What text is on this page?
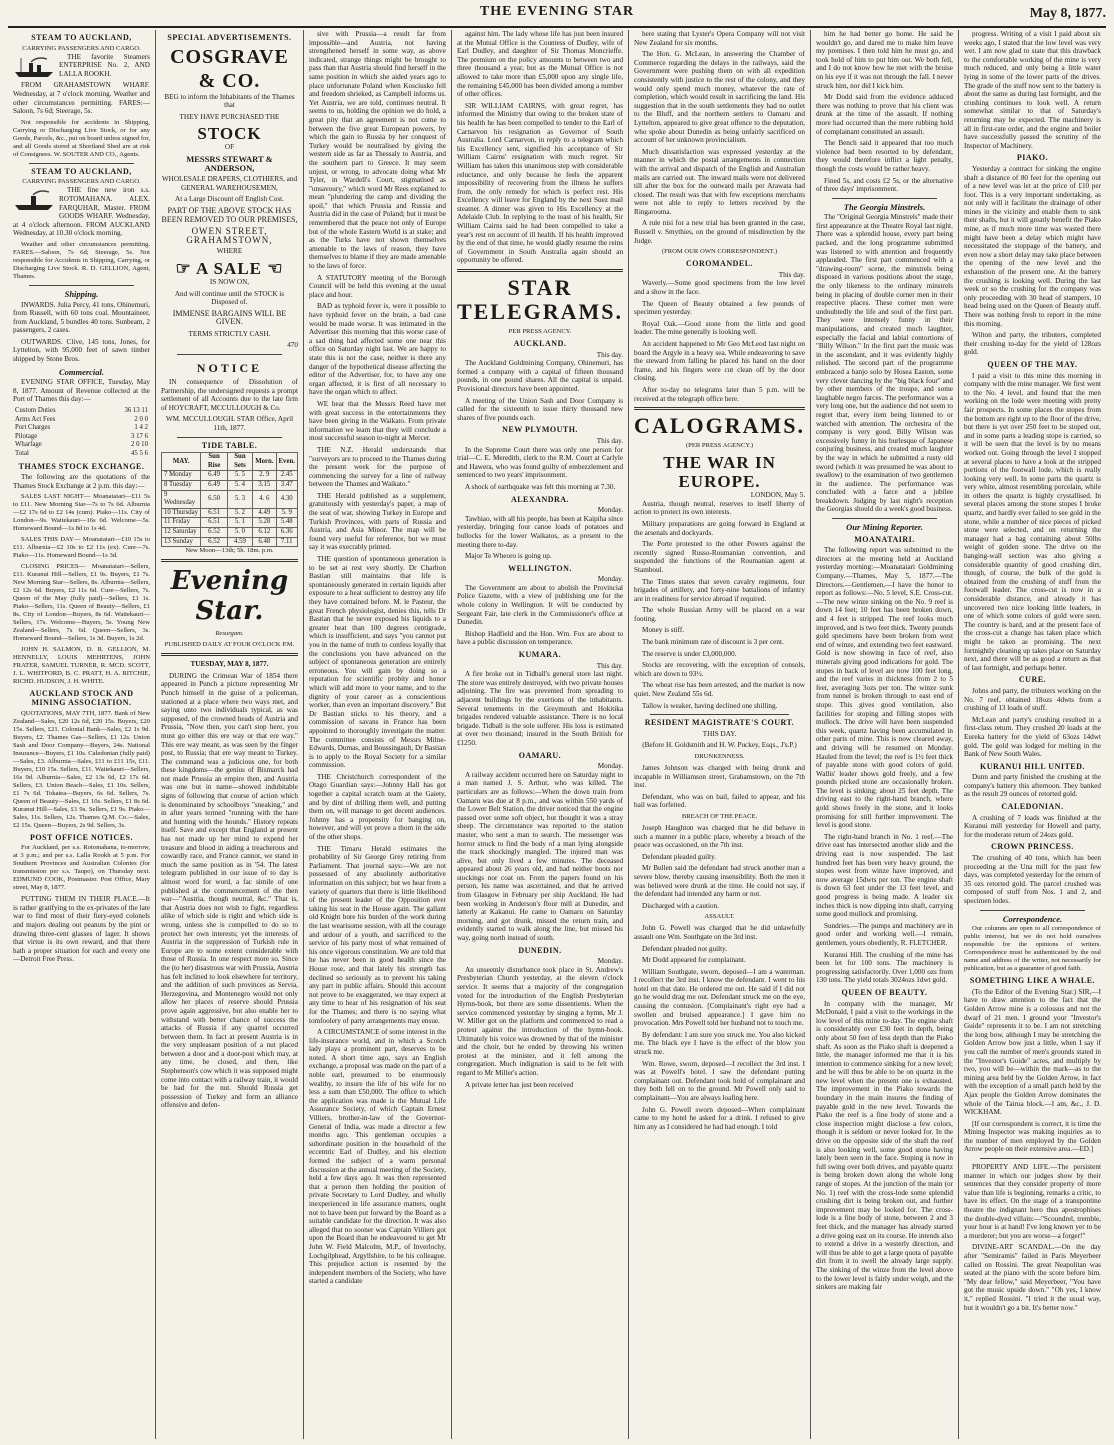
THE EVENING STAR	May 8, 1877.
STEAM TO AUCKLAND,
CARRYING PASSENGERS AND CARGO.

THE favorite Steamers ENTERPRISE No. 2, AND LALLA ROOKH.

FROM GRAHAMSTOWN WHARF. Wednesday, at 7 o'clock morning. Weather and other circumstances permitting. FARES:—Saloon, 7s 6d; Steerage, 5s.

Not responsible for accidents in Shipping, Carrying or Discharging Live Stock, or for any Goods, Parcels, &c., put on board unless signed for, and all Goods stored at Shortland Shed are at risk of Consignees. W. SOUTER AND CO., Agents.

STEAM TO AUCKLAND,
CARRYING PASSENGERS AND CARGO.

THE fine new iron s.s. ROTOMAHANA. ALEX. FARQUHAR, Master. FROM GOODS WHARF. Wednesday, at 4 o'clock afternoon. FROM AUCKLAND Wednesday, at 10.30 o'clock morning.

Weather and other circumstances permitting. FARES.—Saloon, 7s 6d; Steerage, 5s. Not responsible for Accidents in Shipping, Carrying, or Discharging Live Stock. R. D. GELLION, Agent, Thames.

Shipping.

INWARDS. Julia Percy, 41 tons, Ohinemuri, from Russell, with 60 tons coal. Mountaineer, from Auckland, 5 bundles 40 tons. Sunbeam, 2 passengers, 2 cases.

OUTWARDS. Clive, 145 tons, Jones, for Lyttelton, with 95,000 feet of sawn timber shipped by Stone Bros.

Commercial.

EVENING STAR OFFICE, Tuesday, May 8, 1877. Amount of Revenue collected at the Port of Thames this day:—

Custom Duties	36 13 11
Arms Act Fees	2 0 0
Port Charges	1 4 2
Pilotage	3 17 6
Wharfage	2 0 10
Total	45 5 6
THAMES STOCK EXCHANGE.

The following are the quotations of the Thames Stock Exchange at 2 p.m. this day:—

SALES LAST NIGHT— Moanataiari—£11 5s to £11. New Morning Star—7s to 7s 6d. Alburnia—£2 17s 6d to £2 14s (cum). Piako—11s. City of London—9s. Waitekauri—16s 6d. Welcome—5s. Homeward Bound—1s 8d to 1s 4d.

SALES THIS DAY— Moanataiari—£10 15s to £11. Alburnia—£2 10s to £2 11s (ex). Cure—7s. Piako—11s. Homeward Bound—1s 3d.

CLOSING PRICES— Moanataiari—Sellers, £11. Kuranui Hill—Sellers, £1 9s. Buyers, £1 7s. New Morning Star—Sellers, 8s. Alburnia—Sellers, £2 12s 6d. Buyers, £2 11s 6d. Cure—Sellers, 7s. Queen of the May (fully paid)—Sellers, £1 1s. Piako—Sellers, 11s. Queen of Beauty—Sellers, £1 8s. City of London—Buyers, 8s 6d. Waitekauri—Sellers, 17s. Welcome—Buyers, 5s. Young New Zealand—Sellers, 7s 6d. Queen—Sellers, 3s. Homeward Bound—Sellers, 1s 3d. Buyers, 1s 2d.

JOHN H. SALMON, D. R. GELLION, M. HENNELLY, LOUIS MEHRTENS, JOHN FRATER, SAMUEL TURNER, R. MCD. SCOTT, J. L. WHITFORD, B. C. PRATT, H. A. RITCHIE, RICHD. HUDSON, J. H. WHITE.

AUCKLAND STOCK AND MINING ASSOCIATION.

QUOTATIONS, MAY 7TH, 1877. Bank of New Zealand—Sales, £20 12s 6d, £20 15s. Buyers, £20 15s. Sellers, £21. Colonial Bank—Sales, £2 1s 9d. Buyers, £2. Thames Gas—Sellers, £1 12s. Union Sash and Door Company—Buyers, 24s. National Insurance—Buyers, £1 10s. Caledonian (fully paid)—Sales, £3. Alburnia—Sales, £11 to £11 15s, £11. Buyers, £10 15s. Sellers, £11. Waitekauri—Sellers, 16s 9d. Alburnia—Sales, £2 13s 6d, £2 17s 6d. Sellers, £3. Union Beach—Sales, £1 10s. Sellers, £1 7s 6d. Tokatea—Buyers, 6s 6d. Sellers, 7s. Queen of Beauty—Sales, £1 10s. Sellers, £1 8s 6d. Kuranui Hill—Sales, £1 9s. Sellers, £1 9s. Piako—Sales, 11s. Sellers, 12s. Thames Q.M. Co.—Sales, £2 15s. Queen—Buyers, 2s 9d. Sellers, 3s.

POST OFFICE NOTICES.

For Auckland, per s.s. Rotomahana, to-morrow, at 3 p.m.; and per s.s. Lalla Rookh at 5 p.m. For Southern Provinces and Australian Colonies (for transmission per s.s. Taupo), on Thursday next. EDMUND COOK, Postmaster. Post Office, Mary street, May 8, 1877.

PUTTING THEM IN THEIR PLACE.—It is rather gratifying to the ex-privates of the late war to find most of their fiery-eyed colonels and majors dealing out peanuts by the pint or drawing three-cent glasses of lager. It shows that virtue is its own reward, and that there hath a proper situation for each and every one—Detroit Free Press.

SPECIAL ADVERTISEMENTS.
COSGRAVE & CO.

BEG to inform the Inhabitants of the Thames that

THEY HAVE PURCHASED THE

STOCK

OF

MESSRS STEWART & ANDERSON,

WHOLESALE DRAPERS, CLOTHIERS, and GENERAL WAREHOUSEMEN,

At a Large Discount off English Cost.

PART OF THE ABOVE STOCK HAS BEEN REMOVED TO OUR PREMISES,

OWEN STREET, GRAHAMSTOWN,

WHERE

☞ A SALE ☜

IS NOW ON,

And will continue until the STOCK is Disposed of.

IMMENSE BARGAINS WILL BE GIVEN.

TERMS STRICTLY CASH.

470
NOTICE

IN consequence of Dissolution of Partnership, the undersigned requests a prompt settlement of all Accounts due to the late firm of HOYCRAFT, MCCULLOUGH & Co.

WM. MCCULLOUGH. STAR Office, April 11th, 1877.

TIDE TABLE.
MAY.	Sun Rise	Sun Sets	Morn.	Even.
7 Monday	6.49	5. 5	2. 9	2.45
8 Tuesday	6.49	5. 4	3.15	3.47
9 Wednesday	6.50	5. 3	4. 6	4.30
10 Thursday	6.51	5. 2	4.49	5. 9
11 Friday	6.51	5. 1	5.28	5.48
12 Saturday	6.52	5. 0	6.12	6.36
13 Sunday	6.52	4.59	6.48	7.11

New Moon—13th; 5h. 18m. p.m.

Evening Star.

Resurgam.

PUBLISHED DAILY AT FOUR O'CLOCK P.M.

TUESDAY, MAY 8, 1877.

DURING the Crimean War of 1854 there appeared in Punch a picture representing Mr Punch himself in the guise of a policeman, stationed at a place where two ways met, and saying unto two individuals typical, as was supposed, of the crowned heads of Austria and Prussia, "Now then, you can't stop here, you must go either this ere way or that ere way." This ere way meant, as was seen by the finger post, to Russia; that ere way meant to Turkey. The command was a judicious one, for both these kingdoms—the genius of Bismarck had not made Prussia an empire then, and Austria was one but in name—showed indubitable signs of following that course of action which is denominated by schoolboys "sneaking," and in after years termed "running with the hare and hunting with the hounds." History repeats itself. Save and except that England at present has not made up her mind to expend her treasure and blood in aiding a treacherous and cowardly race, and France cannot, we stand in much the same position as in '54. The latest telegram published in our issue of to day is almost word for word, a fac simile of one published at the commencement of the then war—"Austria, though neutral, &c." That is, that Austria does not wish to fight, regardless alike of which side is right and which side is wrong, unless she is compelled to do so to protect her own interests; yet the interests of Austria in the suppression of Turkish rule in Europe are to some extent considerable with those of Russia. In one respect more so. Since the (to her) disastrous war with Prussia, Austria has felt inclined to look elsewhere for territory, and the addition of such provinces as Servia, Herzegovina, and Montenegro would not only allow her places of reserve should Prussia prove again aggressive, but also enable her to withstand with better chance of success the attacks of Russia if any quarrel occurred between them. In fact at present Austria is in the very unpleasant position of a nut placed between a door and a door-post which may, at any time, be closed, and then, like Stephenson's cow which it was supposed might come into contact with a railway train, it would be bad for the nut. Should Russia get possession of Turkey and form an alliance offensive and defen-

sive with Prussia—a result far from impossible—and Austria, not having strengthened herself in some way, as above indicated, strange things might be brought to pass than that Austria should find herself in the same position in which she aided years ago to place unfortunate Poland when Kosciusko fell and freedom shrieked, as Campbell informs us. Yet Austria, we are told, continues neutral. It seems to us, holding the opinion we do hold, a great pity that an agreement is not come to between the five great European powers, by which the gain to Russia by her conquest of Turkey would be neutralised by giving the western side as far as Thessaly to Austria, and the southern part to Greece. It may seem unjust, or wrong, to advocate doing what Mr Tyler, in Wardell's Court, stigmatised as "unsavoury," which word Mr Rees explained to mean "plundering the camp and dividing the spoil," that which Prussia and Russia and Austria did in the case of Poland; but it must be remembered that the peace not only of Europe but of the whole Eastern World is at stake; and as the Turks have not shown themselves amenable to the laws of reason, they have themselves to blame if they are made amenable to the laws of force.

A STATUTORY meeting of the Borough Council will be held this evening at the usual place and hour.

BAD as typhoid fever is, were it possible to have typhoid fever on the brain, a bad case would be made worse. It was intimated in the Advertiser this morning that this worse case of a sad thing had affected some one near this office on Saturday night last. We are happy to state this is not the case, neither is there any danger of the hypothetical disease affecting the editor of the Advertiser, for, to have any one organ affected, it is first of all necessary to have the organ which to affect.

WE hear that the Messrs Reed have met with great success in the entertainments they have been giving in the Waikato. From private information we learn that they will conclude a most successful season to-night at Mercer.

THE N.Z. Herald understands that "surveyors are to proceed to the Thames during the present week for the purpose of commencing the survey for a line of railway between the Thames and Waikato."

THE Herald published as a supplement, gratuitously with yesterday's paper, a map of the seat of war, showing Turkey in Europe and Turkish Provinces, with parts of Russia and Austria, and Asia Minor. The map will be found very useful for reference, but we must say it was execrably printed.

THE question of spontaneous generation is to be set at rest very shortly. Dr Charlton Bastian still maintains that life is spontaneously generated in certain liquids after exposure to a heat sufficient to destroy any life they have contained before. M. le Pasteur, the great French physiologist, denies this, tells Dr Bastian that he never exposed his liquids to a greater heat than 100 degrees centigrade, which is insufficient, and says "you cannot put you in the name of truth to confess loyally that the conclusions you have advanced on the subject of spontaneous generation are entirely erroneous. You will gain by doing so a reputation for scientific probity and honor which will add more to your name, and to the dignity of your career as a conscientious worker, than even an important discovery." But Dr Bastian sticks to his theory, and a commission of savans in France has been appointed to thoroughly investigate the matter. The committee consists of Messrs Milne-Edwards, Dumas, and Boussingault, Dr Bastian is to apply to the Royal Society for a similar commission.

THE Christchurch correspondent of the Otago Guardian says:—Johnny Hall has got together a capital scratch team at the Gaiety, and by dint of drilling them well, and putting them on, will manage to get decent audiences. Johnny has a propensity for banging on, however, and will yet prove a thorn in the side of the other shops.

THE Timaru Herald estimates the probability of Sir George Grey retiring from Parliament. That journal says:—We are not possessed of any absolutely authoritative information on this subject; but we hear from a variety of quarters that there is little likelihood of the present leader of the Opposition ever taking his seat in the House again. The gallant old Knight bore his burden of the work during the last wearisome session, with all the courage and ardour of a youth, and sacrificed to the service of his party most of what remained of his once vigorous constitution. We are told that he has never been in good health since the House rose, and that lately his strength has declined so seriously as to prevent his taking any part in public affairs. Should this account not prove to be exaggerated, we may expect at any time to hear of his resignation of his seat for the Thames; and there is no saying what tomfoolery of party arrangements may ensue.

A CIRCUMSTANCE of some interest in the life-insurance world, and in which a Scotch lady plays a prominent part, deserves to be noted. A short time ago, says an English exchange, a proposal was made on the part of a noble earl, presumed to be enormously wealthy, to insure the life of his wife for no less a sum than £50,000. The office to which the application was made is the Mutual Life Assurance Society, of which Captain Ernest Villiers, brother-in-law of the Governor-General of India, was made a director a few months ago. This gentleman occupies a subordinate position in the household of the eccentric Earl of Dudley, and his election formed the subject of a warm personal discussion at the annual meeting of the Society, held a few days ago. It was then represented that a person then holding the position of private Secretary to Lord Dudley, and wholly inexperienced in life assurance matters, ought not to have been put forward by the Board as a suitable candidate for the direction. It was also alleged that no sooner was Captain Villiers got upon the Board than he endeavoured to get Mr John W. Field Malcolm, M.P., of Inverlochy, Lochgilphead, Argyllshire, to be his colleague. This prejudice action is resented by the independent members of the Society, who have started a candidate

against him. The lady whose life has just been insured at the Mutual Office is the Countess of Dudley, wife of Earl Dudley, and daughter of Sir Thomas Moncrieffe. The premium on the policy amounts to between two and three thousand a year, but as the Mutual Office is not allowed to take more than £5,000 upon any single life, the remaining £45,000 has been divided among a number of other offices.

SIR WILLIAM CAIRNS, with great regret, has informed the Ministry that owing to the broken state of his health he has been compelled to tender to the Earl of Carnarvon his resignation as Governor of South Australia. Lord Carnarvon, in reply to a telegram which his Excellency sent, signified his acceptance of Sir William Cairns' resignation with much regret. Sir William has taken this unanimous step with considerable reluctance, and only because he feels the apparent impossibility of recovering from the illness he suffers from, the only remedy for which is perfect rest. His Excellency will leave for England by the next Suez mail steamer. A dinner was given to His Excellency at the Adelaide Club. In replying to the toast of his health, Sir William Cairns said he had been compelled to take a year's rest on account of ill health. If his health improved by the end of that time, he would gladly resume the reins of Government in South Australia again should an opportunity be offered.

STAR TELEGRAMS.

PER PRESS AGENCY.

AUCKLAND.
This day.

The Auckland Goldmining Company, Ohinemuri, has formed a company with a capital of fifteen thousand pounds, in one pound shares. All the capital is unpaid. Provisional directors have been appointed.

A meeting of the Union Sash and Door Company is called for the sixteenth to issue thirty thousand new shares of five pounds each.

NEW PLYMOUTH.
This day.

In the Supreme Court there was only one person for trial—C. E. Meredith, clerk to the R.M. Court at Carlyle and Hawera, who was found guilty of embezzlement and sentenced to two years' imprisonment.

A shock of earthquake was felt this morning at 7.30.

ALEXANDRA.
Monday.

Tawhiao, with all his people, has been at Kaipiha since yesterday, bringing four canoe loads of potatoes and bullocks for the lower Waikatos, as a present to the meeting there to-day.

Major Te Wheoro is going up.

WELLINGTON.
Monday.

The Government are about to abolish the Provincial Police Gazette, with a view of publishing one for the whole colony in Wellington. It will be conducted by Sergeant Fair, late clerk in the Commissioner's office at Dunedin.

Bishop Hadfield and the Hon. Wm. Fox are about to have a public discussion on temperance.

KUMARA.
This day.

A fire broke out in Tidball's general store last night. The store was entirely destroyed, with two private houses adjoining. The fire was prevented from spreading to adjacent buildings by the exertions of the inhabitants. Several tenements in the Greymouth and Hokitika brigades rendered valuable assistance. There is no local brigade. Tidball is the sole sufferer. His loss is estimated at over two thousand; insured in the South British for £1250.

OAMARU.
Monday.

A railway accident occurred here on Saturday night to a man named J. S. Arthur, who was killed. The particulars are as follows:—When the down train from Oamaru was due at 8 p.m., and was within 550 yards of the Lower Belt Station, the driver noticed that the engine passed over some soft object, but thought it was a stray sheep. The circumstance was reported to the station master, who sent a man to search. The messenger was horror struck to find the body of a man lying alongside the track shockingly mangled. The injured man was alive, but only lived a few minutes. The deceased appeared about 26 years old, and had neither boots nor stockings nor coat on. From the papers found on his person, his name was ascertained, and that he arrived from Glasgow in February per ship Auckland. He had been working in Anderson's flour mill at Dunedin, and latterly at Kakanui. He came to Oamaru on Saturday morning, and got drunk, missed the return train, and evidently started to walk along the line, but missed his way, going north instead of south.

DUNEDIN.
Monday.

An unseemly disturbance took place in St. Andrew's Presbyterian Church yesterday, at the eleven o'clock service. It seems that a majority of the congregation voted for the introduction of the English Presbyterian Hymn-book, but there are some dissentients. When the service commenced yesterday by singing a hymn, Mr J. W. Miller got on the platform and commenced to read a protest against the introduction of the hymn-book. Ultimately his voice was drowned by that of the minister and the choir, but he ended by throwing his written protest at the minister, and it fell among the congregation. Much indignation is said to be felt with regard to Mr Miller's action.

A private letter has just been received

here stating that Lyster's Opera Company will not visit New Zealand for six months.

The Hon. G. McLean, in answering the Chamber of Commerce regarding the delays in the railways, said the Government were pushing them on with all expedition consistently with justice to the rest of the colony, and they would only spend much money, whatever the rate of completion, which would result in sacrificing the land. His suggestion that in the south settlements they had no outlet to the Bluff, and the northern settlers to Oamaru and Lyttelton, appeared to give great offence to the deputation, who spoke about Dunedin as being unfairly sacrificed on account of her unknown provincialism.

Much dissatisfaction was expressed yesterday at the manner in which the postal arrangements in connection with the arrival and dispatch of the English and Australian mails are carried out. The inward mails were not delivered till after the box for the outward mails per Arawata had closed. The result was that with few exceptions merchants were not able to reply to letters received by the Ringarooma.

A rule nisi for a new trial has been granted in the case, Russell v. Smythies, on the ground of misdirection by the Judge.

(FROM OUR OWN CORRESPONDENT.)

COROMANDEL.
This day.

Waverly.—Some good specimens from the low level and a show in the face.

The Queen of Beauty obtained a few pounds of specimen yesterday.

Royal Oak.—Good stone from the little and good leader. The mine generally is looking well.

An accident happened to Mr Geo McLeod last night on board the Argyle in a heavy sea. While endeavoring to save the steward from falling he placed his hand on the door frame, and his fingers were cut clean off by the door closing.

After to-day no telegrams later than 5 p.m. will be received at the telegraph office here.

CALOGRAMS.

(PER PRESS AGENCY.)

THE WAR IN EUROPE.
LONDON, May 5.

Austria, though neutral, reserves to itself liberty of action to protect its own interests.

Military preparations are going forward in England at the arsenals and dockyards.

The Porte protested to the other Powers against the recently signed Russo-Roumanian convention, and suspended the functions of the Roumanian agent at Stamboul.

The Times states that seven cavalry regiments, four brigades of artillery, and forty-nine battalions of infantry are in readiness for service abroad if required.

The whole Russian Army will be placed on a war footing.

Money is stiff.

The bank minimum rate of discount is 3 per cent.

The reserve is under £3,000,000.

Stocks are recovering, with the exception of consols, which are down to 93½.

The wheat rise has been arrested, and the market is now quiet. New Zealand 55s 6d.

Tallow is weaker, having declined one shilling.

RESIDENT MAGISTRATE'S COURT.

THIS DAY.

(Before H. Goldsmith and H. W. Puckey, Esqs., J's.P.)

DRUNKENNESS.

James Johnson was charged with being drunk and incapable in Williamson street, Grahamstown, on the 7th inst.

Defendant, who was on bail, failed to appear, and his bail was forfeited.

BREACH OF THE PEACE.

Joseph Haughton was charged that he did behave in such a manner in a public place, whereby a breach of the peace was occasioned, on the 7th inst.

Defendant pleaded guilty.

Mr Bullen said the defendant had struck another man a severe blow, thereby causing insensibility. Both the men it was believed were drunk at the time. He could not say, if the defendant had intended any harm or not.

Discharged with a caution.

ASSAULT.

John G. Powell was charged that he did unlawfully assault one Wm. Southgate on the 3rd inst.

Defendant pleaded not guilty.

Mr Dodd appeared for complainant.

William Southgate, sworn, deposed—I am a waterman. I recollect the 3rd inst. I know the defendant. I went to his hotel on that date. He ordered me out. He said if I did not go he would drag me out. Defendant struck me on the eye, causing the contusion. [Complainant's right eye had a swollen and bruised appearance.] I gave him no provocation. Mrs Powell told her husband not to touch me.

By defendant: I am sure you struck me. You also kicked me. The black eye I have is the effect of the blow you struck me.

Wm. Rowe, sworn, deposed—I recollect the 3rd inst. I was at Powell's hotel. I saw the defendant putting complainant out. Defendant took hold of complainant and they both fell on to the ground. Mr Powell only said to complainant—You are always loafing here.

John G. Powell sworn deposed—When complainant came to my hotel he asked for a drink. I refused to give him any as I considered he had had enough. I told

him he had better go home. He said he wouldn't go, and dared me to make him leave my premises. I then told him he must go, and took hold of him to put him out. We both fell, and I do not know how he met with the bruise on his eye if it was not through the fall. I never struck him, nor did I kick him.

Mr Dodd said from the evidence adduced there was nothing to prove that his client was drunk at the time of the assault. If nothing more had occurred than the mere rubbing hold of complainant constituted an assault.

The Bench said it appeared that too much violence had been resorted to by defendant, they would therefore inflict a light penalty, though the costs would be rather heavy.

Fined 5s, and costs £2 5s, or the alternative of three days' imprisonment.

The Georgia Minstrels.

The "Original Georgia Minstrels" made their first appearance at the Theatre Royal last night. There was a splendid house, every part being packed, and the long programme submitted was listened to with attention and frequently applauded. The first part commenced with a "drawing-room" scene, the minstrels being disposed in various positions about the stage, the only likeness to the ordinary minstrels being in placing of double corner men in their respective places. These corner men were undoubtedly the life and soul of the first part. They were intensely funny in their manipulations, and created much laughter, especially the facial and labial contortions of "Billy Wilson." In the first part the music was in the ascendant, and it was evidently highly relished. The second part of the programme embraced a banjo solo by Hosea Easton, some very clever dancing by the "big black four" and by other members of the troupe, and some laughable negro farces. The performance was a very long one, but the audience did not seem to regret that, every item being listened to or watched with attention. The orchestra of the company is very good. Billy Wilson was excessively funny in his burlesque of Japanese conjuring business, and created much laughter by the way in which he submitted a rusty old sword (which it was presumed he was about to swallow) to the examination of two gentlemen in the audience. The performance was concluded with a farce and a jubilee breakdown. Judging by last night's reception the Georgias should do a week's good business.

Our Mining Reporter.
MOANATAIRI.

The following report was submitted to the directors at the meeting held at Auckland yesterday morning:—Moanataiari Goldmining Company.—Thames, May 5, 1877.—The Directors.—Gentlemen,—I have the honor to report as follows:—No. 5 level, S.E. Cross-cut.—The new winze sinking on the No. 9 reef is down 14 feet; 10 feet has been broken down, and 4 feet is stripped. The reef looks much improved, and is two feet thick. Twenty pounds gold specimens have been broken from west end of winze, and extending two feet eastward. Gold is now showing in face of reef, also minerals giving good indications for gold. The stopes in back of level are now 100 feet long, and the reef varies in thickness from 2 to 5 feet, averaging 3ozs per ton. The winze sunk from tunnel is broken through to east end of stope. This gives good ventilation, also facilities for stoping and filling stopes with mullock. The drive will have been suspended this week, quartz having been accumulated in other parts of mine. This is now cleared away, and driving will be resumed on Monday. Hauled from the level; the reef is 1½ feet thick of payable stone with good colors of gold. Wallis' leader shows gold freely, and a few pounds picked stone are occasionally broken. The level is sinking; about 25 feet depth. The driving east to the right-hand branch, where gold shows freely in the stone, and it looks promising for still further improvement. The level is good stone.

The right-hand branch in No. 1 reef.—The drive east has intersected another slide and the driving east is now suspended. The last hundred feet has been very heavy ground, the stopes west from winze have improved, and now average 15dwts per ton. The engine shaft is down 63 feet under the 13 feet level, and good progress is being made. A leader six inches thick is now dipping into shaft, carrying some good mullock and promising.

Sundries.—The pumps and machinery are in good order and working well.—I remain, gentlemen, yours obediently, R. FLETCHER.

Kuranui Hill. The crushing of the mine has been let for 100 tons. The machinery is progressing satisfactorily. Over 1,000 ozs from 130 tons. The yield totals 3024ozs 1dwt gold.

QUEEN OF BEAUTY.

In company with the manager, Mr McDonald, I paid a visit to the workings in the low level of this mine to-day. The engine shaft is considerably over £30 feet in depth, being only about 50 feet of less depth than the Piako shaft. As soon as the Piako shaft is deepened a little, the manager informed me that it is his intention to commence sinking for a new level; and he will thus be able to be on quartz in the new level when the present one is exhausted. The improvement in the Piako towards the boundary in the main insures the finding of payable gold in the new level. Towards the Piako the reef is a fine body of stone and a close inspection might disclose a few colors, though it is seldom or never looked for. In the drive on the opposite side of the shaft the reef is also looking well, some good stone having lately been seen in the face. Stoping is now in full swing over both drives, and payable quartz is being broken down along the whole long range of stopes. At the junction of the main (or No. 1) reef with the cross-lode some splendid crushing dirt is being broken out, and further improvement may be looked for. The cross-lode is a fine body of stone, between 2 and 3 feet thick, and the manager has already started a drive going east on its course. He intends also to extend a drive in a westerly direction, and will thus be able to get a large quota of payable dirt from it to swell the already large supply. The sinking of the winze from the level above to the lower level is fairly under weigh, and the sinkers are making fair

progress. Writing of a visit I paid about six weeks ago, I stated that the low level was very wet. I am now glad to state that this drawback to the comfortable working of the mine is very much reduced, and only being a little water lying in some of the lower parts of the drives. The grade of the stuff now sent to the battery is about the same as during last fortnight, and the crushing continues to look well. A return somewhat similar to that of Saturday's returning may be expected. The machinery is all in first-rate order, and the engine and boiler have successfully passed the scrutiny of the Inspector of Machinery.

PIAKO.

Yesterday a contract for sinking the engine shaft a distance of 80 feet for the opening out of a new level was let at the price of £10 per foot. This is a very important undertaking, as not only will it facilitate the drainage of other mines in the vicinity and enable them to sink their shafts, but it will greatly benefit the Piako mine, as if much more time was wasted there might have been a delay which might have necessitated the stoppage of the battery, and even now a short delay may take place between the opening of the new level and the exhaustion of the present one. At the battery the crushing is looking well. During the last week or so the crushing for the company was only proceeding with 30 head of stampers, 10 head being used on the Queen of Beauty stuff. There was nothing fresh to report in the mine this morning.

Wilton and party, the tributers, completed their crushing to-day for the yield of 128ozs gold.

QUEEN OF THE MAY.

I paid a visit to this mine this morning in company with the mine manager. We first went to the No. 4 level, and found that the men working on the lode were meeting with pretty fair prospects. In some places the stopes from the bottom are right up to the floor of the drive, but there is yet over 250 feet to be stoped out, and in some parts a leading stope is carried, so it will be seen that the level is by no means worked out. Going through the level I stopped at several places to have a look at the stripped portions of the footwall lode, which is really looking very well. In some parts the quartz is very white, almost resembling porcelain, while in others the quartz is highly crystallised. In several places among the stone stopes I broke quartz, and hardly ever failed to see gold in the stone, while a number of nice pieces of picked stone were selected, and on returning the manager had a bag containing about 50lbs weight of golden stone. The drive on the hanging-wall section was also giving a considerable quantity of good crushing dirt, though, of course, the bulk of the gold is obtained from the crushing of stuff from the footwall leader. The cross-cut is now in a considerable distance, and already it has uncovered two nice looking little leaders, in one of which some colors of gold were seen. The country is hard, and at the present face of the cross-cut a change has taken place which might be taken as promising. The next fortnightly cleaning up takes place on Saturday next, and there will be as good a return as that of last fortnight, and perhaps better.

CURE.

Johns and party, the tributers working on the No. 7 reef, obtained 18ozs 4dwts from a crushing of 13 loads of stuff.

McLean and party's crushing resulted in a first-class return. They crushed 20 loads at the Eureka battery for the yield of 63ozs 14dwt gold. The gold was lodged for melting in the Bank of New South Wales.

KURANUI HILL UNITED.

Dunn and party finished the crushing at the company's battery this afternoon. They banked as the result 29 ounces of retorted gold.

CALEDONIAN.

A crushing of 7 loads was finished at the Kuranui mill yesterday for Howell and party, for the moderate return of 24ozs gold.

CROWN PRINCESS.

The crushing of 40 tons, which has been proceeding at the Una mill for the past few days, was completed yesterday for the return of 35 ozs retorted gold. The parcel crushed was composed of stuff from Nos. 1 and 2, and specimen lodes.

Correspondence.

Our columns are open to all correspondence of public interest, but we do not hold ourselves responsible for the opinions of writers. Correspondence must be authenticated by the real name and address of the writer, not necessarily for publication, but as a guarantee of good faith.

SOMETHING LIKE A WHALE.

(To the Editor of the Evening Star.) SIR,—I have to draw attention to the fact that the Golden Arrow mine is a colossus and not the dwarf of 21 men. I ground your "Investor's Guide" represents it to be. I am not stretching the long bow, although I may be stretching the Golden Arrow bow just a little, when I say if you call the number of men's grounds stated in the "Investor's Guide" acres, and multiply by two, you will be—within the mark—as to the mining area held by the Golden Arrow, in fact with the exception of a small patch held by the Ajax people the Golden Arrow dominates the whole of the Tairua block.—I am, &c., J. D. WICKHAM.

[If our correspondent is correct, it is time the Mining Inspector was making inquiries as to the number of men employed by the Golden Arrow people on their extensive area.—ED.]

PROPERTY AND LIFE.—The persistent manner in which our judges show by their sentences that they consider property of more value than life is beginning, remarks a critic, to have its effect. On the stage of a transpontine theatre the indignant hero thus apostrophises the double-dyed villain:—"Scoundrel, tremble, your hour is at hand! I've long known yer to be a murderer; but you are worse—a forger!"

DIVINE-ART SCANDAL.—On the day after "Semiramis" failed in Paris Meyerbeer called on Rossini. The great Neapolitan was seated at the piano with the score before him. "My dear fellow," said Meyerbeer, "You have got the music upside down." "Oh yes, I know it," replied Rossini. "I tried it the usual way, but it wouldn't go a bit. It's better now."
